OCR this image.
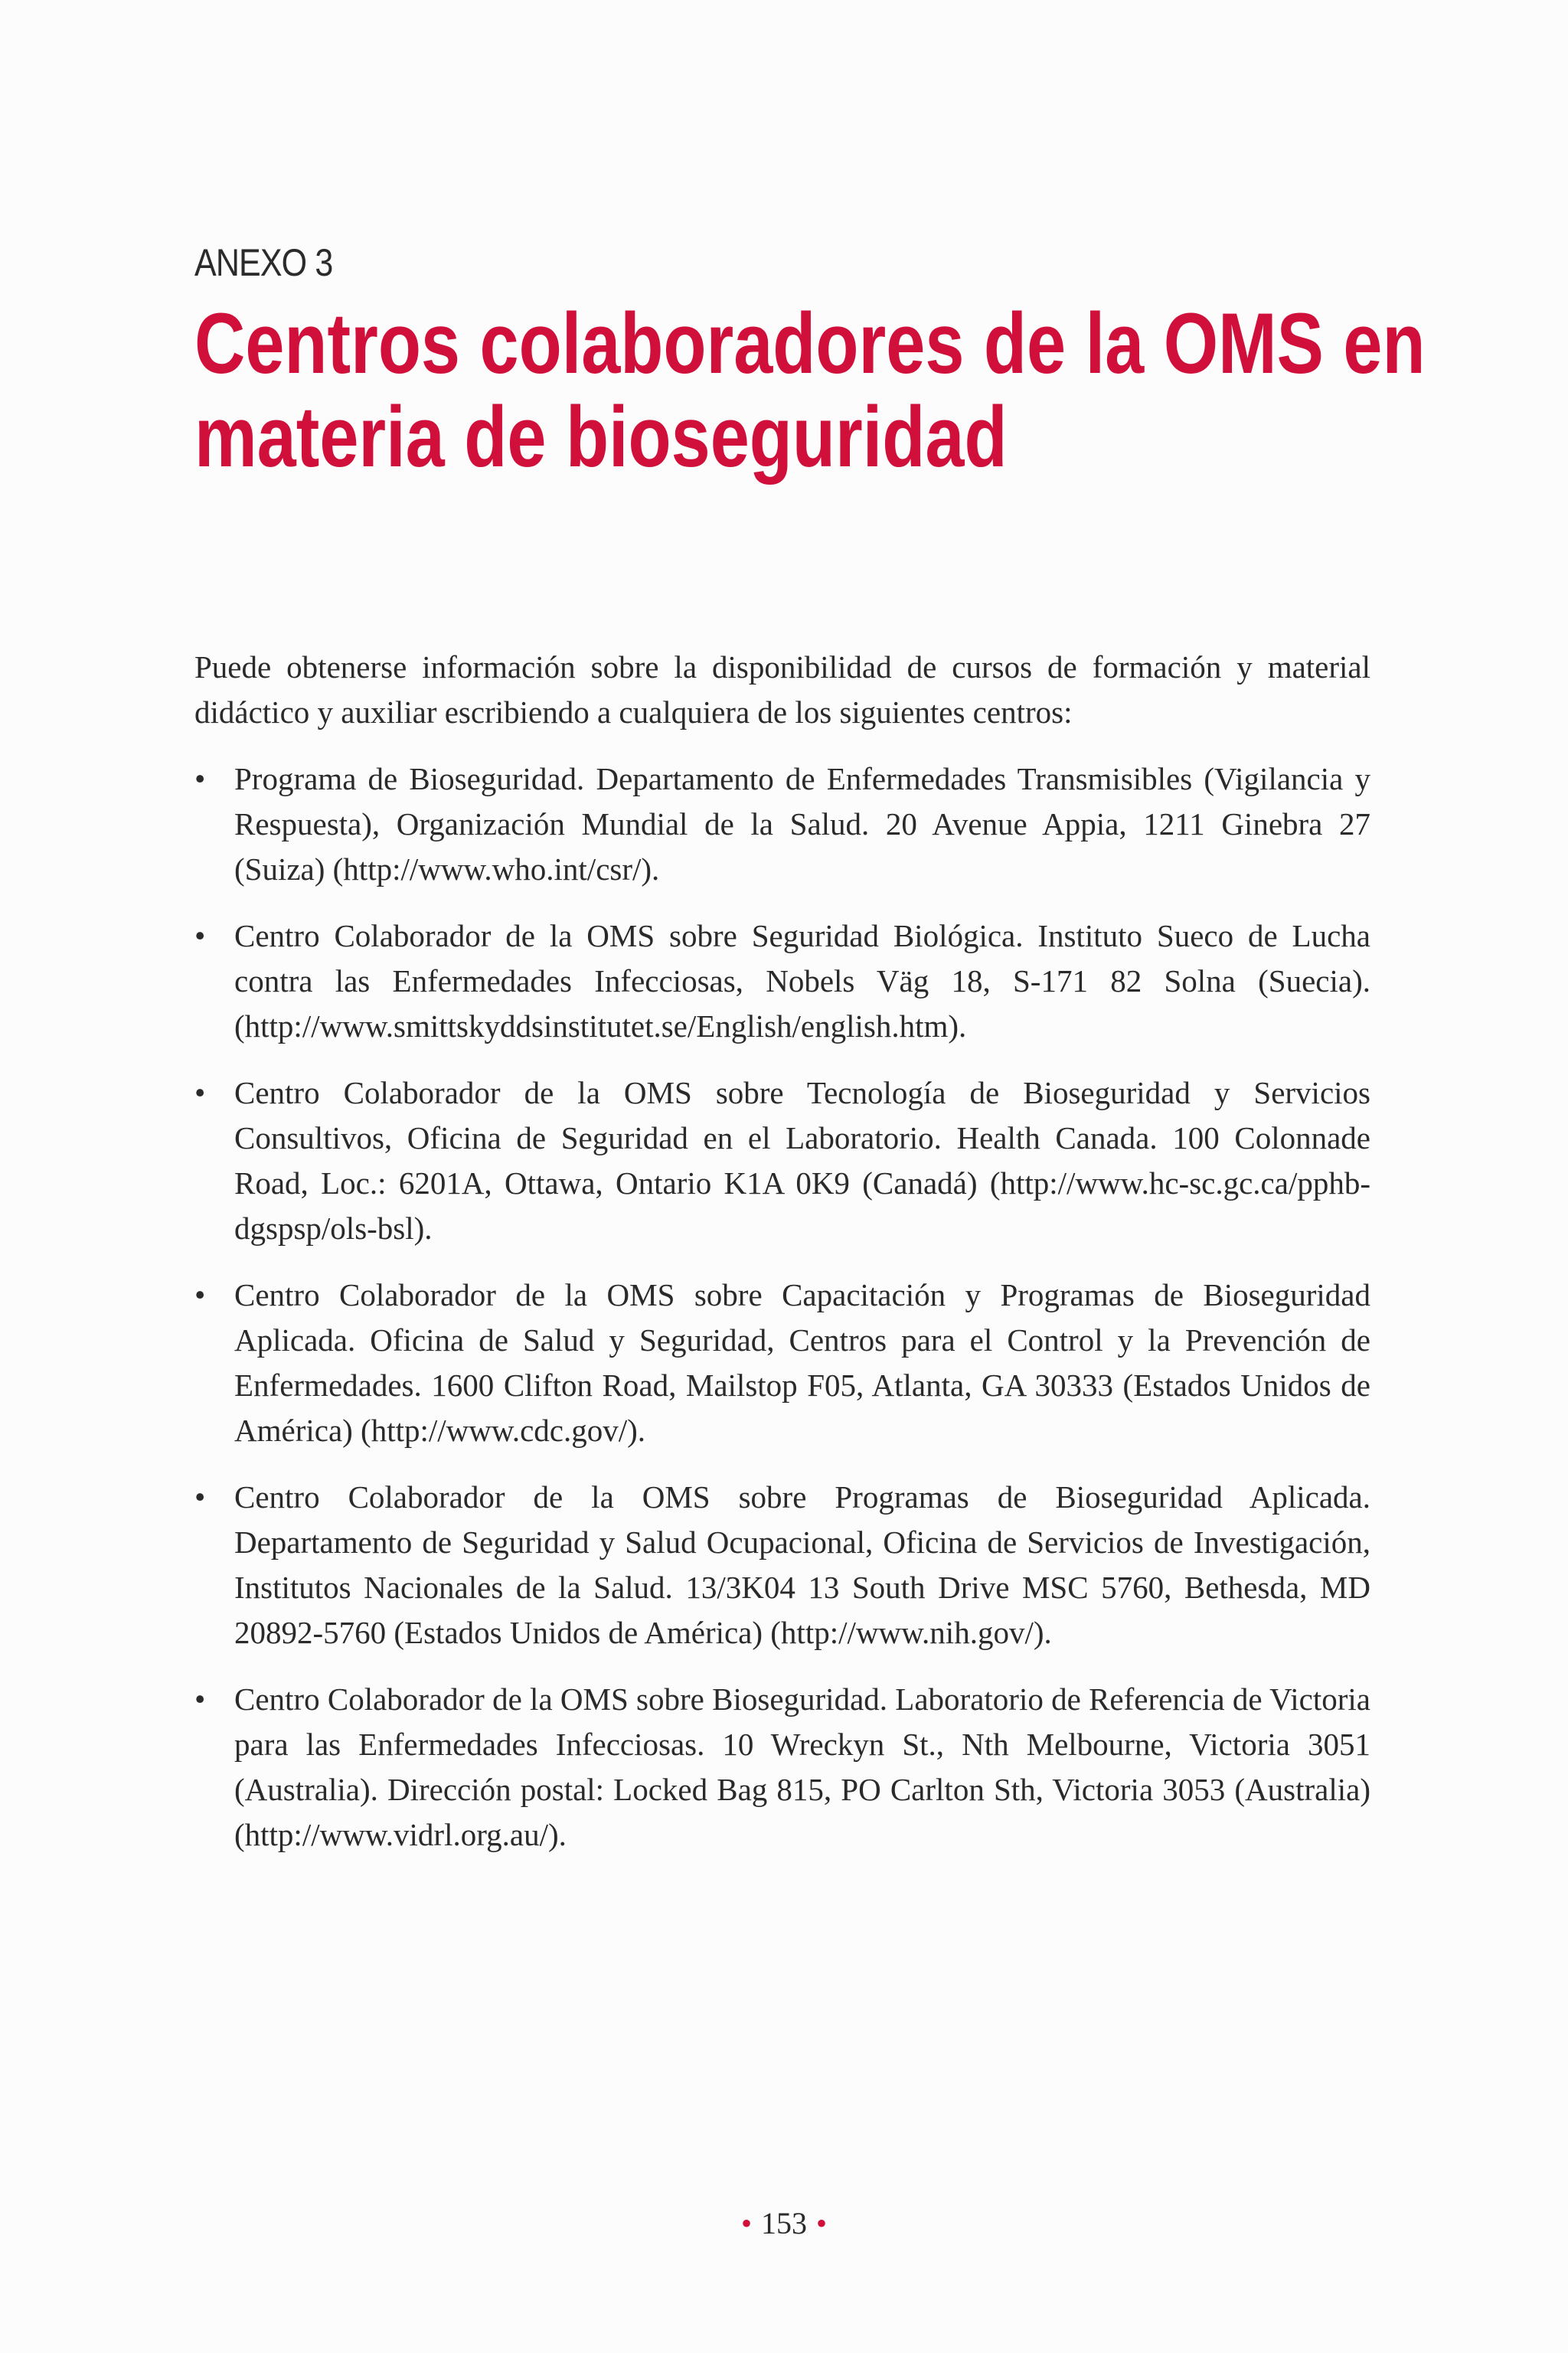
ANEXO 3
Centros colaboradores de la OMS en
materia de bioseguridad

Puede obtenerse información sobre la disponibilidad de cursos de formación y material didáctico y auxiliar escribiendo a cualquiera de los siguientes centros:

• Programa de Bioseguridad. Departamento de Enfermedades Transmisibles (Vigilancia y Respuesta), Organización Mundial de la Salud. 20 Avenue Appia, 1211 Ginebra 27 (Suiza) (http://www.who.int/csr/).
• Centro Colaborador de la OMS sobre Seguridad Biológica. Instituto Sueco de Lucha contra las Enfermedades Infecciosas, Nobels Väg 18, S-171 82 Solna (Suecia). (http://www.smittskyddsinstitutet.se/English/english.htm).
• Centro Colaborador de la OMS sobre Tecnología de Bioseguridad y Servicios Consultivos, Oficina de Seguridad en el Laboratorio. Health Canada. 100 Colonnade Road, Loc.: 6201A, Ottawa, Ontario K1A 0K9 (Canadá) (http://www.hc-sc.gc.ca/pphb-dgspsp/ols-bsl).
• Centro Colaborador de la OMS sobre Capacitación y Programas de Bioseguridad Aplicada. Oficina de Salud y Seguridad, Centros para el Control y la Prevención de Enfermedades. 1600 Clifton Road, Mailstop F05, Atlanta, GA 30333 (Estados Unidos de América) (http://www.cdc.gov/).
• Centro Colaborador de la OMS sobre Programas de Bioseguridad Aplicada. Departamento de Seguridad y Salud Ocupacional, Oficina de Servicios de Investigación, Institutos Nacionales de la Salud. 13/3K04 13 South Drive MSC 5760, Bethesda, MD 20892-5760 (Estados Unidos de América) (http://www.nih.gov/).
• Centro Colaborador de la OMS sobre Bioseguridad. Laboratorio de Referencia de Victoria para las Enfermedades Infecciosas. 10 Wreckyn St., Nth Melbourne, Victoria 3051 (Australia). Dirección postal: Locked Bag 815, PO Carlton Sth, Victoria 3053 (Australia) (http://www.vidrl.org.au/).
• 153 •
